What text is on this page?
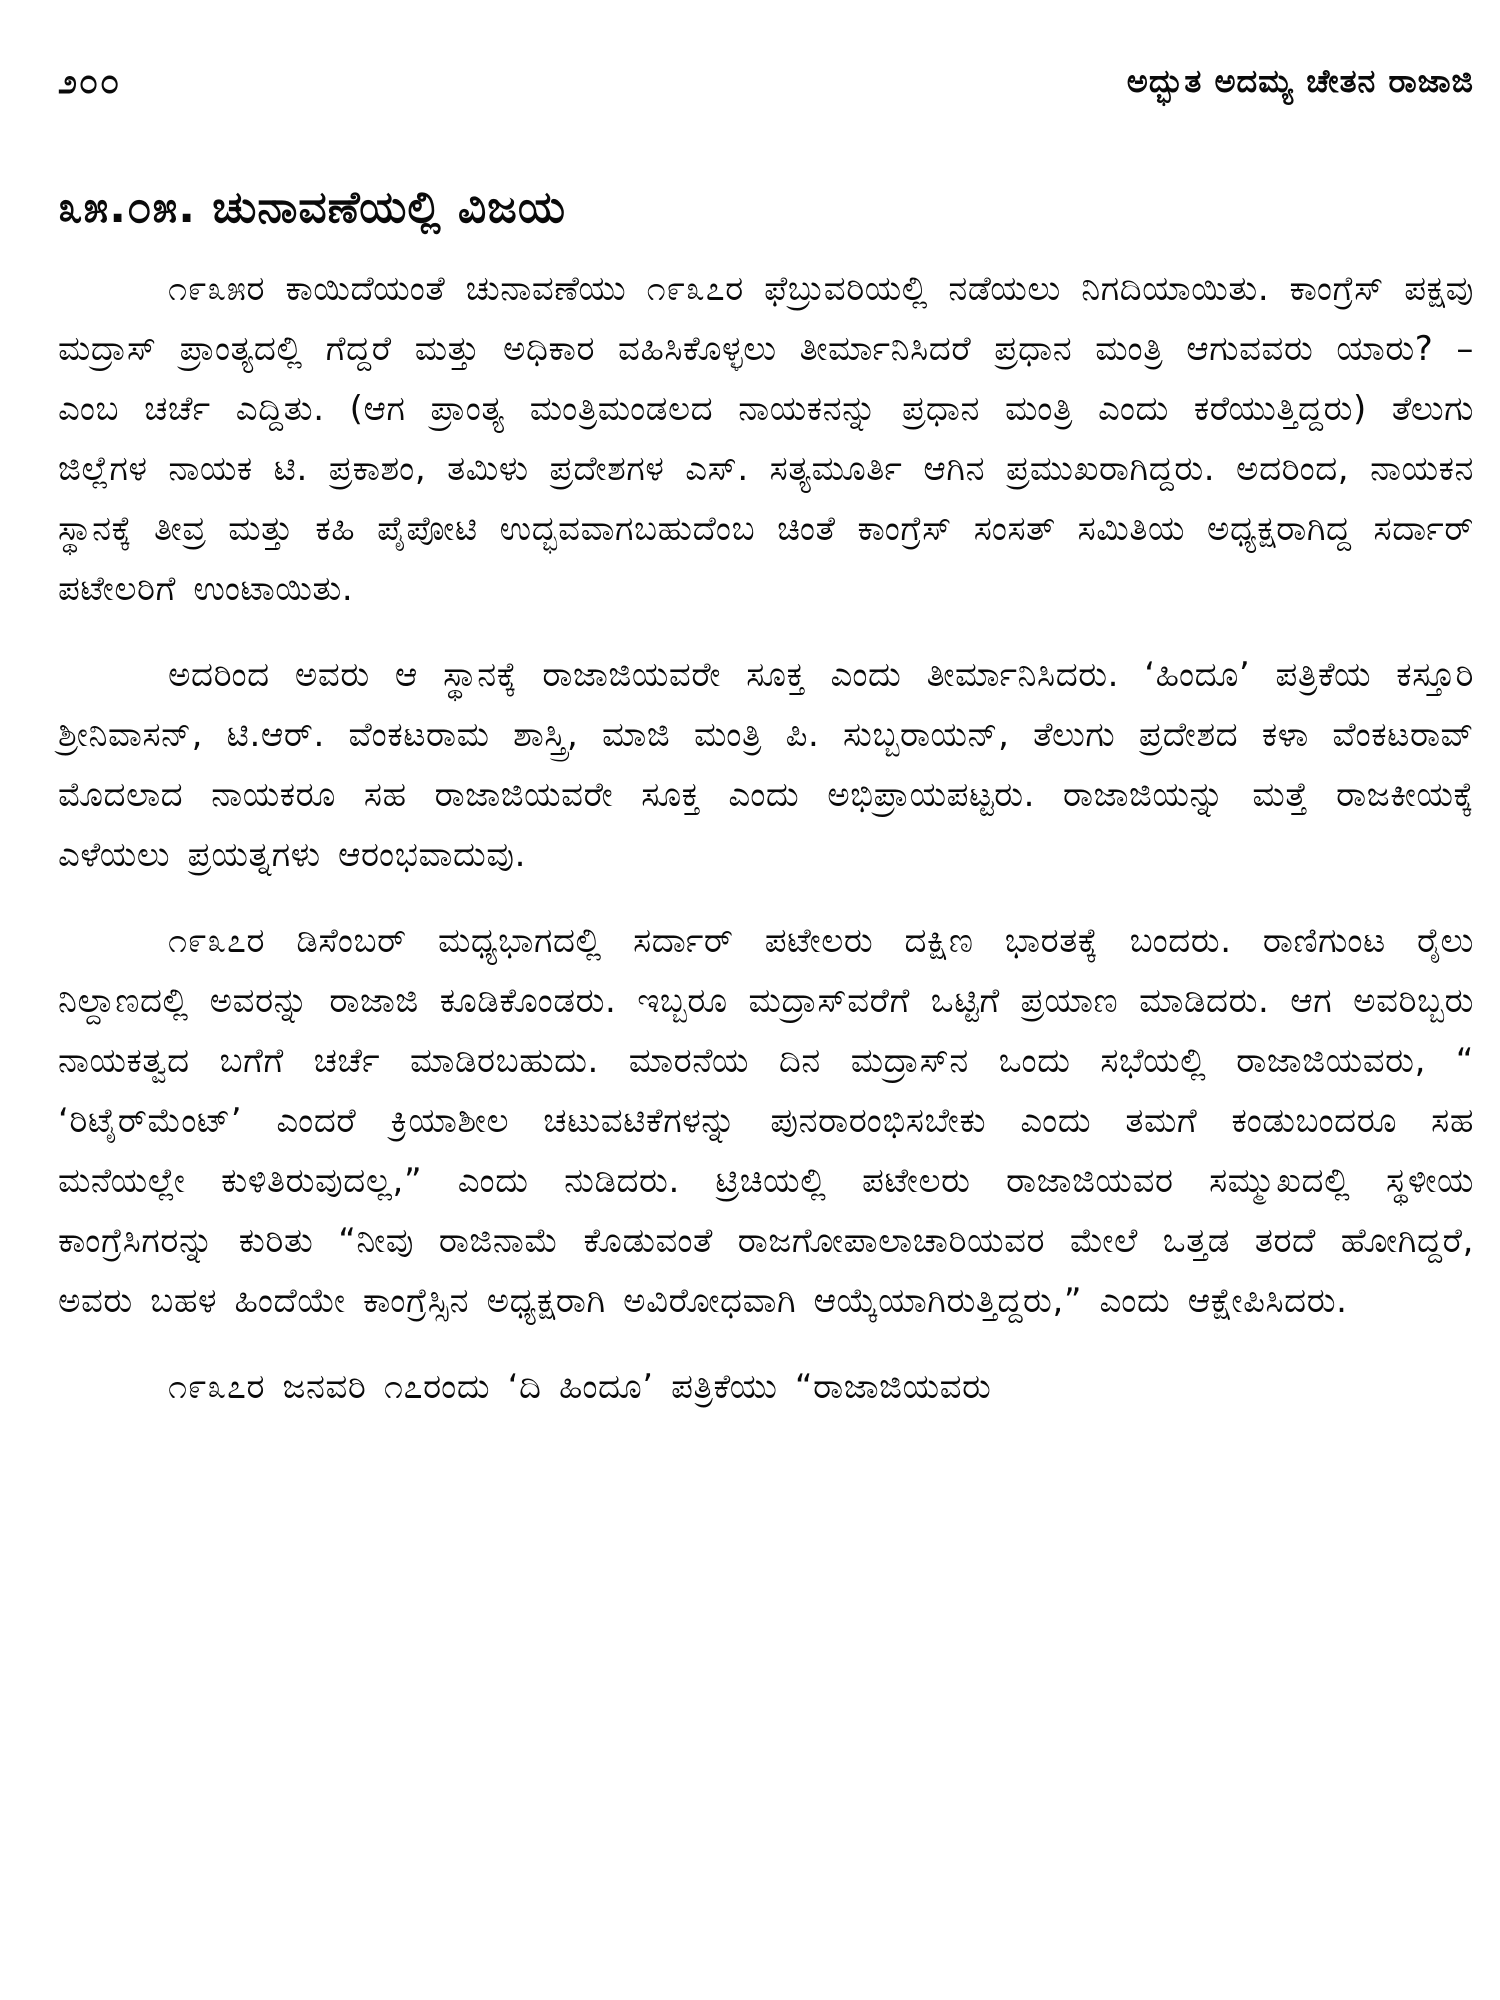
೨೦೦	ಅದ್ಭುತ ಅದಮ್ಯ ಚೇತನ ರಾಜಾಜಿ
೩೫.೦೫. ಚುನಾವಣೆಯಲ್ಲಿ ವಿಜಯ

೧೯೩೫ರ ಕಾಯಿದೆಯಂತೆ ಚುನಾವಣೆಯು ೧೯೩೭ರ ಫೆಬ್ರುವರಿಯಲ್ಲಿ ನಡೆಯಲು ನಿಗದಿಯಾಯಿತು. ಕಾಂಗ್ರೆಸ್ ಪಕ್ಷವು ಮದ್ರಾಸ್ ಪ್ರಾಂತ್ಯದಲ್ಲಿ ಗೆದ್ದರೆ ಮತ್ತು ಅಧಿಕಾರ ವಹಿಸಿಕೊಳ್ಳಲು ತೀರ್ಮಾನಿಸಿದರೆ ಪ್ರಧಾನ ಮಂತ್ರಿ ಆಗುವವರು ಯಾರು? – ಎಂಬ ಚರ್ಚೆ ಎದ್ದಿತು. (ಆಗ ಪ್ರಾಂತ್ಯ ಮಂತ್ರಿಮಂಡಲದ ನಾಯಕನನ್ನು ಪ್ರಧಾನ ಮಂತ್ರಿ ಎಂದು ಕರೆಯುತ್ತಿದ್ದರು) ತೆಲುಗು ಜಿಲ್ಲೆಗಳ ನಾಯಕ ಟಿ. ಪ್ರಕಾಶಂ, ತಮಿಳು ಪ್ರದೇಶಗಳ ಎಸ್. ಸತ್ಯಮೂರ್ತಿ ಆಗಿನ ಪ್ರಮುಖರಾಗಿದ್ದರು. ಅದರಿಂದ, ನಾಯಕನ ಸ್ಥಾನಕ್ಕೆ ತೀವ್ರ ಮತ್ತು ಕಹಿ ಪೈಪೋಟಿ ಉದ್ಭವವಾಗಬಹುದೆಂಬ ಚಿಂತೆ ಕಾಂಗ್ರೆಸ್ ಸಂಸತ್ ಸಮಿತಿಯ ಅಧ್ಯಕ್ಷರಾಗಿದ್ದ ಸರ್ದಾರ್ ಪಟೇಲರಿಗೆ ಉಂಟಾಯಿತು.

ಅದರಿಂದ ಅವರು ಆ ಸ್ಥಾನಕ್ಕೆ ರಾಜಾಜಿಯವರೇ ಸೂಕ್ತ ಎಂದು ತೀರ್ಮಾನಿಸಿದರು. ‘ಹಿಂದೂ’ ಪತ್ರಿಕೆಯ ಕಸ್ತೂರಿ ಶ್ರೀನಿವಾಸನ್, ಟಿ.ಆರ್. ವೆಂಕಟರಾಮ ಶಾಸ್ತ್ರಿ, ಮಾಜಿ ಮಂತ್ರಿ ಪಿ. ಸುಬ್ಬರಾಯನ್, ತೆಲುಗು ಪ್ರದೇಶದ ಕಳಾ ವೆಂಕಟರಾವ್ ಮೊದಲಾದ ನಾಯಕರೂ ಸಹ ರಾಜಾಜಿಯವರೇ ಸೂಕ್ತ ಎಂದು ಅಭಿಪ್ರಾಯಪಟ್ಟರು. ರಾಜಾಜಿಯನ್ನು ಮತ್ತೆ ರಾಜಕೀಯಕ್ಕೆ ಎಳೆಯಲು ಪ್ರಯತ್ನಗಳು ಆರಂಭವಾದುವು.

೧೯೩೭ರ ಡಿಸೆಂಬರ್ ಮಧ್ಯಭಾಗದಲ್ಲಿ ಸರ್ದಾರ್ ಪಟೇಲರು ದಕ್ಷಿಣ ಭಾರತಕ್ಕೆ ಬಂದರು. ರಾಣಿಗುಂಟ ರೈಲು ನಿಲ್ದಾಣದಲ್ಲಿ ಅವರನ್ನು ರಾಜಾಜಿ ಕೂಡಿಕೊಂಡರು. ಇಬ್ಬರೂ ಮದ್ರಾಸ್‌ವರೆಗೆ ಒಟ್ಟಿಗೆ ಪ್ರಯಾಣ ಮಾಡಿದರು. ಆಗ ಅವರಿಬ್ಬರು ನಾಯಕತ್ವದ ಬಗೆಗೆ ಚರ್ಚೆ ಮಾಡಿರಬಹುದು. ಮಾರನೆಯ ದಿನ ಮದ್ರಾಸ್‌ನ ಒಂದು ಸಭೆಯಲ್ಲಿ ರಾಜಾಜಿಯವರು, “ ‘ರಿಟೈರ್‌ಮೆಂಟ್’ ಎಂದರೆ ಕ್ರಿಯಾಶೀಲ ಚಟುವಟಿಕೆಗಳನ್ನು ಪುನರಾರಂಭಿಸಬೇಕು ಎಂದು ತಮಗೆ ಕಂಡುಬಂದರೂ ಸಹ ಮನೆಯಲ್ಲೇ ಕುಳಿತಿರುವುದಲ್ಲ,” ಎಂದು ನುಡಿದರು. ಟ್ರಿಚಿಯಲ್ಲಿ ಪಟೇಲರು ರಾಜಾಜಿಯವರ ಸಮ್ಮುಖದಲ್ಲಿ ಸ್ಥಳೀಯ ಕಾಂಗ್ರೆಸಿಗರನ್ನು ಕುರಿತು “ನೀವು ರಾಜಿನಾಮೆ ಕೊಡುವಂತೆ ರಾಜಗೋಪಾಲಾಚಾರಿಯವರ ಮೇಲೆ ಒತ್ತಡ ತರದೆ ಹೋಗಿದ್ದರೆ, ಅವರು ಬಹಳ ಹಿಂದೆಯೇ ಕಾಂಗ್ರೆಸ್ಸಿನ ಅಧ್ಯಕ್ಷರಾಗಿ ಅವಿರೋಧವಾಗಿ ಆಯ್ಕೆಯಾಗಿರುತ್ತಿದ್ದರು,” ಎಂದು ಆಕ್ಷೇಪಿಸಿದರು.

೧೯೩೭ರ ಜನವರಿ ೧೭ರಂದು ‘ದಿ ಹಿಂದೂ’ ಪತ್ರಿಕೆಯು “ರಾಜಾಜಿಯವರು
